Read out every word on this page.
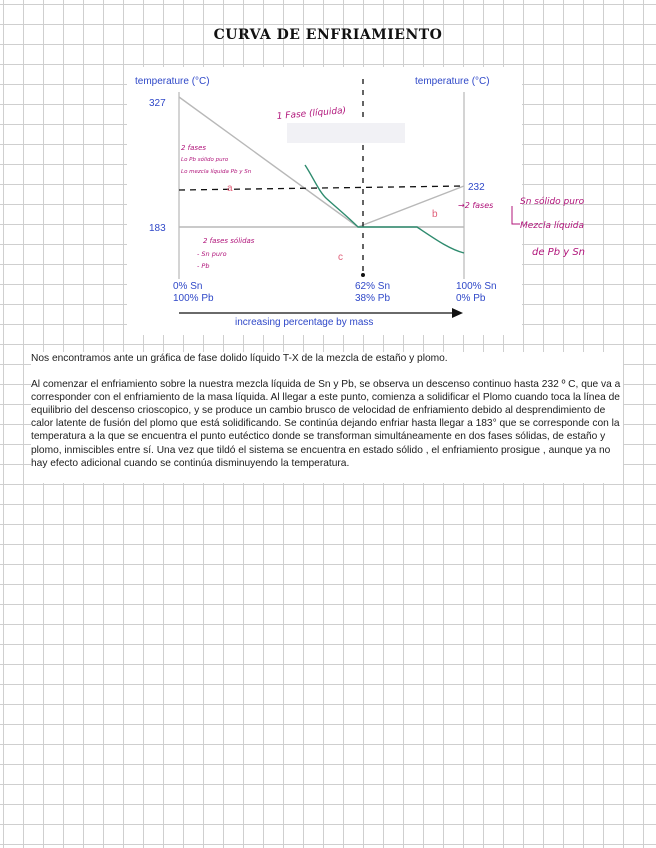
CURVA DE ENFRIAMIENTO
temperature (°C)	temperature (°C)
327
183
232
0% Sn
100% Pb
62% Sn
38% Pb
100% Sn
0% Pb
increasing percentage by mass
a
b
c
1 Fase (líquida)
2 fases
Lo Pb sólido puro
Lo mezcla líquida Pb y Sn
2 fases sólidas
- Sn puro
- Pb
→2 fases	Sn sólido puro
Mezcla líquida
de Pb y Sn

Nos encontramos ante un gráfica de fase dolido líquido T-X de la mezcla de estaño y plomo.

Al comenzar el enfriamiento sobre la nuestra mezcla líquida de Sn y Pb, se observa un descenso continuo hasta 232 º C, que va a corresponder con el enfriamiento de la masa líquida. Al llegar a este punto, comienza a solidificar el Plomo cuando toca la línea de equilibrio del descenso crioscopico, y se produce un cambio brusco de velocidad de enfriamiento debido al desprendimiento de calor latente de fusión del plomo que está solidificando. Se continúa dejando enfriar hasta llegar a 183° que se corresponde con la temperatura a la que se encuentra el punto eutéctico donde se transforman simultáneamente en dos fases sólidas, de estaño y plomo, inmiscibles entre sí. Una vez que tildó el sistema se encuentra en estado sólido , el enfriamiento prosigue , aunque ya no hay efecto adicional cuando se continúa disminuyendo la temperatura.
